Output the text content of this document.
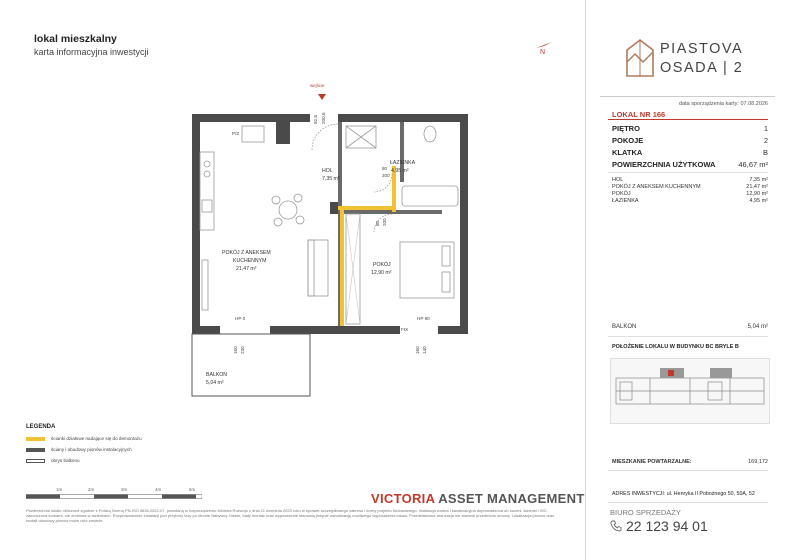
lokal mieszkalny
karta informacyjna inwestycji	N	PIASTOVA
OSADA | 2
data sporządzenia karty: 07.08.2026
LOKAL NR 166
PIĘTRO	1
POKOJE	2
KLATKA	B
POWIERZCHNIA UŻYTKOWA	46,67 m²
HOL	7,35 m²
POKÓJ Z ANEKSEM KUCHENNYM	21,47 m²
POKÓJ	12,90 m²
ŁAZIENKA	4,95 m²
BALKON	5,04 m²
POŁOŻENIE LOKALU W BUDYNKU BC BRYLE B
MIESZKANIE POWTARZALNE:	169,172
ADRES INWESTYCJI: ul. Henryka II Pobożnego 50, 50A, 52
BIURO SPRZEDAŻY
22 123 94 01
wejście
P/Z
92,8 200,6
80
200
80 200
HOL
7,35 m²
ŁAZIENKA
4,95 m²
POKÓJ Z ANEKSEM
KUCHENNYM
21,47 m²
POKÓJ
12,90 m²
BALKON
5,04 m²
HP 0	HP 90
FIX
160 230	160 140
LEGENDA
ścianki działowe nadające się do demontażu
ściany i obudowy pionów instalacyjnych
obrys balkonu
1m	2m	3m	4m	5m
VICTORIA ASSET MANAGEMENT
Powierzchnia lokalu obliczona zgodnie z Polską Normą PN-ISO 9836:2022-07, powołaną w rozporządzeniu Ministra Rozwoju z dnia 11 września 2020 roku w sprawie szczegółowego zakresu i formy projektu budowlanego. Instalacja wodna i kanalizacyjna doprowadzona do kuchni, łazienki i WC, zakończona korkami, nie zrobiona w łazienkach. Rozprowadzenie instalacji pod przybory leży po stronie Nabywcy. Meble, biały montaż oraz wyposażenie stanowią jedynie wizualizację możliwego wyposażenia lokalu. Przedstawiona aranżacja nie stanowi przedmiotu umowy. Lokalizacja pionów oraz kształt obudowy pionów może ulec zmianie.
